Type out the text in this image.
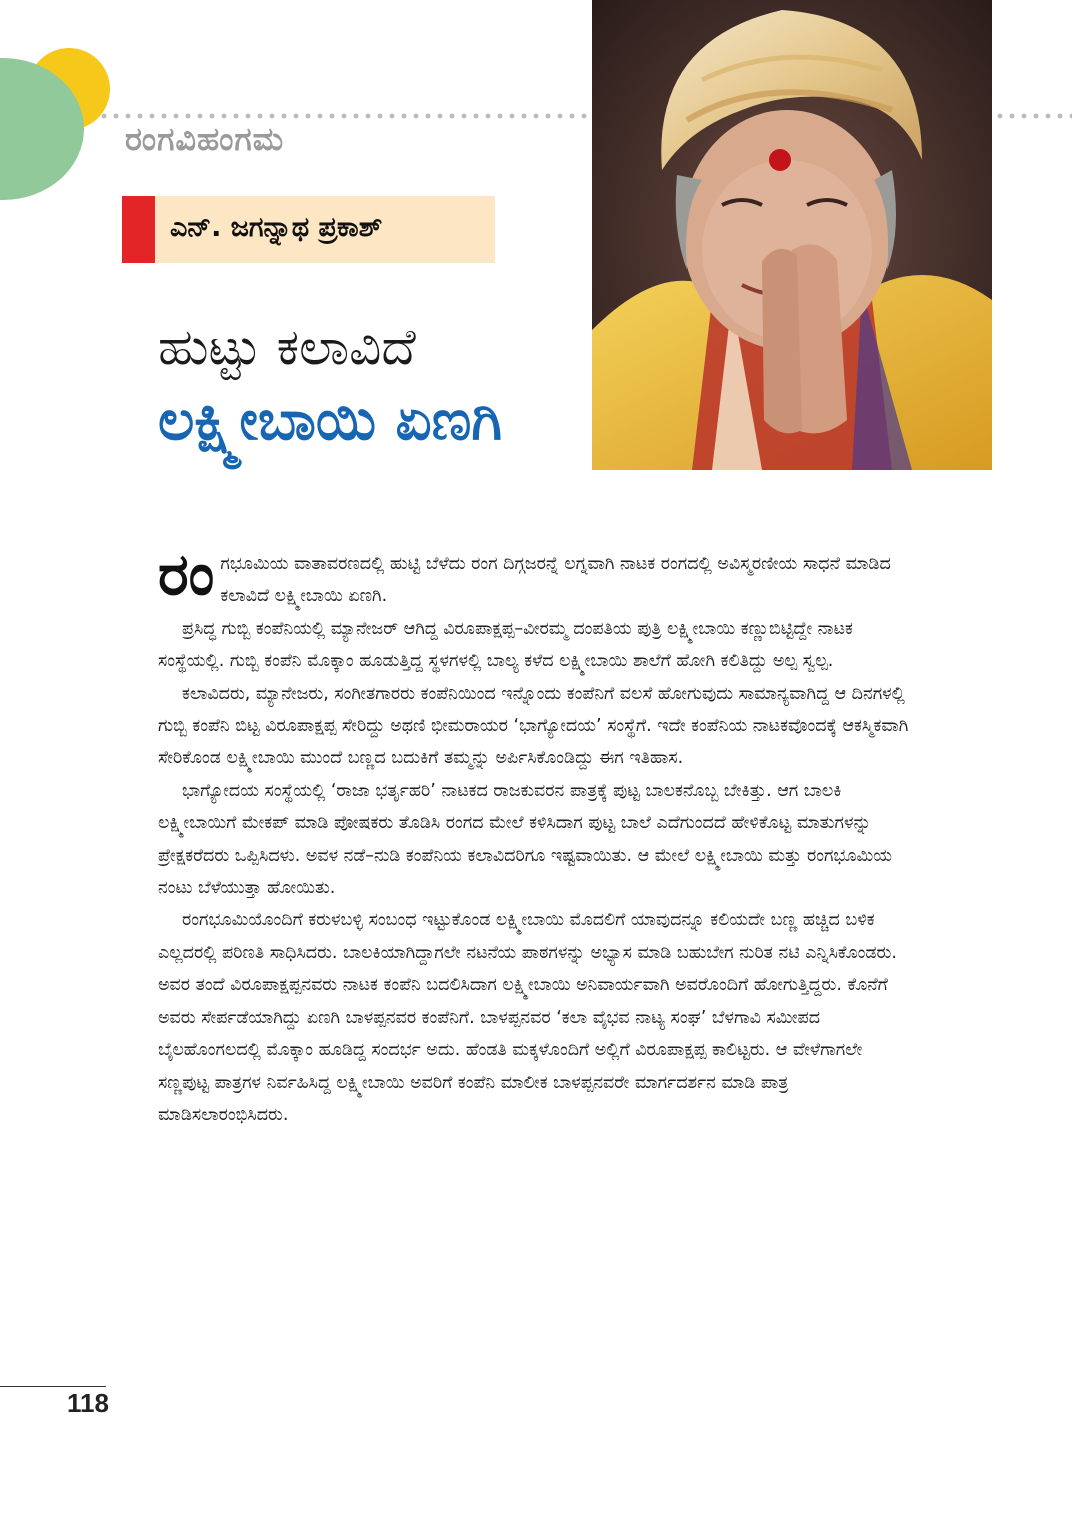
ರಂಗವಿಹಂಗಮ
ಎನ್‌. ಜಗನ್ನಾಥ ಪ್ರಕಾಶ್‌
ಹುಟ್ಟು ಕಲಾವಿದೆ
ಲಕ್ಷ್ಮೀಬಾಯಿ ಏಣಗಿ

ರಂಗಭೂಮಿಯ ವಾತಾವರಣದಲ್ಲಿ ಹುಟ್ಟಿ ಬೆಳೆದು ರಂಗ ದಿಗ್ಗಜರನ್ನೆ ಲಗ್ನವಾಗಿ ನಾಟಕ ರಂಗದಲ್ಲಿ ಅವಿಸ್ಮರಣೀಯ ಸಾಧನೆ ಮಾಡಿದ ಕಲಾವಿದೆ ಲಕ್ಷ್ಮೀಬಾಯಿ ಏಣಗಿ.

ಪ್ರಸಿದ್ಧ ಗುಬ್ಬಿ ಕಂಪೆನಿಯಲ್ಲಿ ಮ್ಯಾನೇಜರ್‌ ಆಗಿದ್ದ ವಿರೂಪಾಕ್ಷಪ್ಪ–ವೀರಮ್ಮ ದಂಪತಿಯ ಪುತ್ರಿ ಲಕ್ಷ್ಮೀಬಾಯಿ ಕಣ್ಣುಬಿಟ್ಟಿದ್ದೇ ನಾಟಕ ಸಂಸ್ಥೆಯಲ್ಲಿ. ಗುಬ್ಬಿ ಕಂಪೆನಿ ಮೊಕ್ಕಾಂ ಹೂಡುತ್ತಿದ್ದ ಸ್ಥಳಗಳಲ್ಲಿ ಬಾಲ್ಯ ಕಳೆದ ಲಕ್ಷ್ಮೀಬಾಯಿ ಶಾಲೆಗೆ ಹೋಗಿ ಕಲಿತಿದ್ದು ಅಲ್ಪ ಸ್ವಲ್ಪ.

ಕಲಾವಿದರು, ಮ್ಯಾನೇಜರು, ಸಂಗೀತಗಾರರು ಕಂಪೆನಿಯಿಂದ ಇನ್ನೊಂದು ಕಂಪೆನಿಗೆ ವಲಸೆ ಹೋಗುವುದು ಸಾಮಾನ್ಯವಾಗಿದ್ದ ಆ ದಿನಗಳಲ್ಲಿ ಗುಬ್ಬಿ ಕಂಪೆನಿ ಬಿಟ್ಟ ವಿರೂಪಾಕ್ಷಪ್ಪ ಸೇರಿದ್ದು ಅಥಣಿ ಭೀಮರಾಯರ ‘ಭಾಗ್ಯೋದಯ’ ಸಂಸ್ಥೆಗೆ. ಇದೇ ಕಂಪೆನಿಯ ನಾಟಕವೊಂದಕ್ಕೆ ಆಕಸ್ಮಿಕವಾಗಿ ಸೇರಿಕೊಂಡ ಲಕ್ಷ್ಮೀಬಾಯಿ ಮುಂದೆ ಬಣ್ಣದ ಬದುಕಿಗೆ ತಮ್ಮನ್ನು ಅರ್ಪಿಸಿಕೊಂಡಿದ್ದು ಈಗ ಇತಿಹಾಸ.

ಭಾಗ್ಯೋದಯ ಸಂಸ್ಥೆಯಲ್ಲಿ ‘ರಾಜಾ ಭರ್ತೃಹರಿ’ ನಾಟಕದ ರಾಜಕುವರನ ಪಾತ್ರಕ್ಕೆ ಪುಟ್ಟ ಬಾಲಕನೊಬ್ಬ ಬೇಕಿತ್ತು. ಆಗ ಬಾಲಕಿ ಲಕ್ಷ್ಮೀಬಾಯಿಗೆ ಮೇಕಪ್‌ ಮಾಡಿ ಪೋಷಕರು ತೊಡಿಸಿ ರಂಗದ ಮೇಲೆ ಕಳಿಸಿದಾಗ ಪುಟ್ಟ ಬಾಲೆ ಎದೆಗುಂದದೆ ಹೇಳಿಕೊಟ್ಟ ಮಾತುಗಳನ್ನು ಪ್ರೇಕ್ಷಕರೆದರು ಒಪ್ಪಿಸಿದಳು. ಅವಳ ನಡೆ–ನುಡಿ ಕಂಪೆನಿಯ ಕಲಾವಿದರಿಗೂ ಇಷ್ಟವಾಯಿತು. ಆ ಮೇಲೆ ಲಕ್ಷ್ಮೀಬಾಯಿ ಮತ್ತು ರಂಗಭೂಮಿಯ ನಂಟು ಬೆಳೆಯುತ್ತಾ ಹೋಯಿತು.

ರಂಗಭೂಮಿಯೊಂದಿಗೆ ಕರುಳಬಳ್ಳಿ ಸಂಬಂಧ ಇಟ್ಟುಕೊಂಡ ಲಕ್ಷ್ಮೀಬಾಯಿ ಮೊದಲಿಗೆ ಯಾವುದನ್ನೂ ಕಲಿಯದೇ ಬಣ್ಣ ಹಚ್ಚಿದ ಬಳಿಕ ಎಲ್ಲದರಲ್ಲಿ ಪರಿಣತಿ ಸಾಧಿಸಿದರು. ಬಾಲಕಿಯಾಗಿದ್ದಾಗಲೇ ನಟನೆಯ ಪಾಠಗಳನ್ನು ಅಭ್ಯಾಸ ಮಾಡಿ ಬಹುಬೇಗ ನುರಿತ ನಟಿ ಎನ್ನಿಸಿಕೊಂಡರು. ಅವರ ತಂದೆ ವಿರೂಪಾಕ್ಷಪ್ಪನವರು ನಾಟಕ ಕಂಪೆನಿ ಬದಲಿಸಿದಾಗ ಲಕ್ಷ್ಮೀಬಾಯಿ ಅನಿವಾರ್ಯವಾಗಿ ಅವರೊಂದಿಗೆ ಹೋಗುತ್ತಿದ್ದರು. ಕೊನೆಗೆ ಅವರು ಸೇರ್ಪಡೆಯಾಗಿದ್ದು ಏಣಗಿ ಬಾಳಪ್ಪನವರ ಕಂಪೆನಿಗೆ. ಬಾಳಪ್ಪನವರ ‘ಕಲಾ ವೈಭವ ನಾಟ್ಯ ಸಂಘ’ ಬೆಳಗಾವಿ ಸಮೀಪದ ಬೈಲಹೊಂಗಲದಲ್ಲಿ ಮೊಕ್ಕಾಂ ಹೂಡಿದ್ದ ಸಂದರ್ಭ ಅದು. ಹೆಂಡತಿ ಮಕ್ಕಳೊಂದಿಗೆ ಅಲ್ಲಿಗೆ ವಿರೂಪಾಕ್ಷಪ್ಪ ಕಾಲಿಟ್ಟರು. ಆ ವೇಳೆಗಾಗಲೇ ಸಣ್ಣಪುಟ್ಟ ಪಾತ್ರಗಳ ನಿರ್ವಹಿಸಿದ್ದ ಲಕ್ಷ್ಮೀಬಾಯಿ ಅವರಿಗೆ ಕಂಪೆನಿ ಮಾಲೀಕ ಬಾಳಪ್ಪನವರೇ ಮಾರ್ಗದರ್ಶನ ಮಾಡಿ ಪಾತ್ರ ಮಾಡಿಸಲಾರಂಭಿಸಿದರು.

118
